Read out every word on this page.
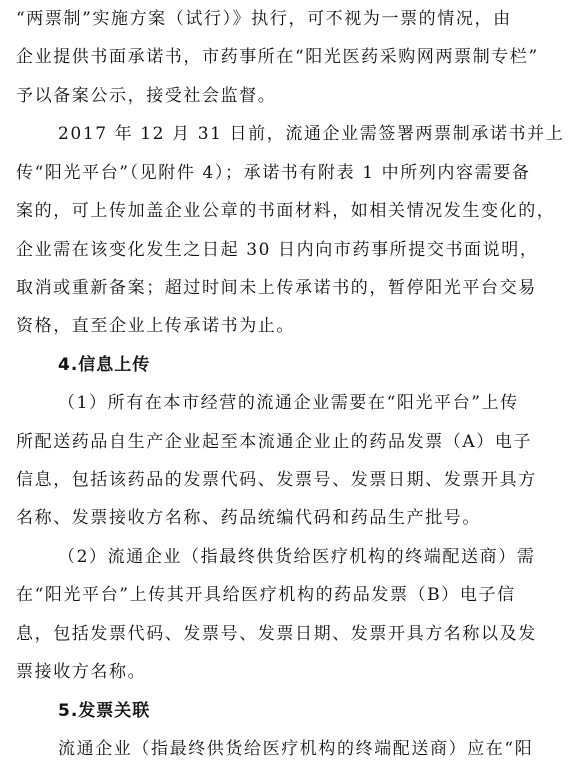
“两票制”实施方案（试行）》执行，可不视为一票的情况，由
企业提供书面承诺书，市药事所在“阳光医药采购网两票制专栏”
予以备案公示，接受社会监督。
2017 年 12 月 31 日前，流通企业需签署两票制承诺书并上
传“阳光平台”（见附件 4）；承诺书有附表 1 中所列内容需要备
案的，可上传加盖企业公章的书面材料，如相关情况发生变化的，
企业需在该变化发生之日起 30 日内向市药事所提交书面说明，
取消或重新备案；超过时间未上传承诺书的，暂停阳光平台交易
资格，直至企业上传承诺书为止。
4.信息上传
（1）所有在本市经营的流通企业需要在“阳光平台”上传
所配送药品自生产企业起至本流通企业止的药品发票（A）电子
信息，包括该药品的发票代码、发票号、发票日期、发票开具方
名称、发票接收方名称、药品统编代码和药品生产批号。
（2）流通企业（指最终供货给医疗机构的终端配送商）需
在“阳光平台”上传其开具给医疗机构的药品发票（B）电子信
息，包括发票代码、发票号、发票日期、发票开具方名称以及发
票接收方名称。
5.发票关联
流通企业（指最终供货给医疗机构的终端配送商）应在“阳
